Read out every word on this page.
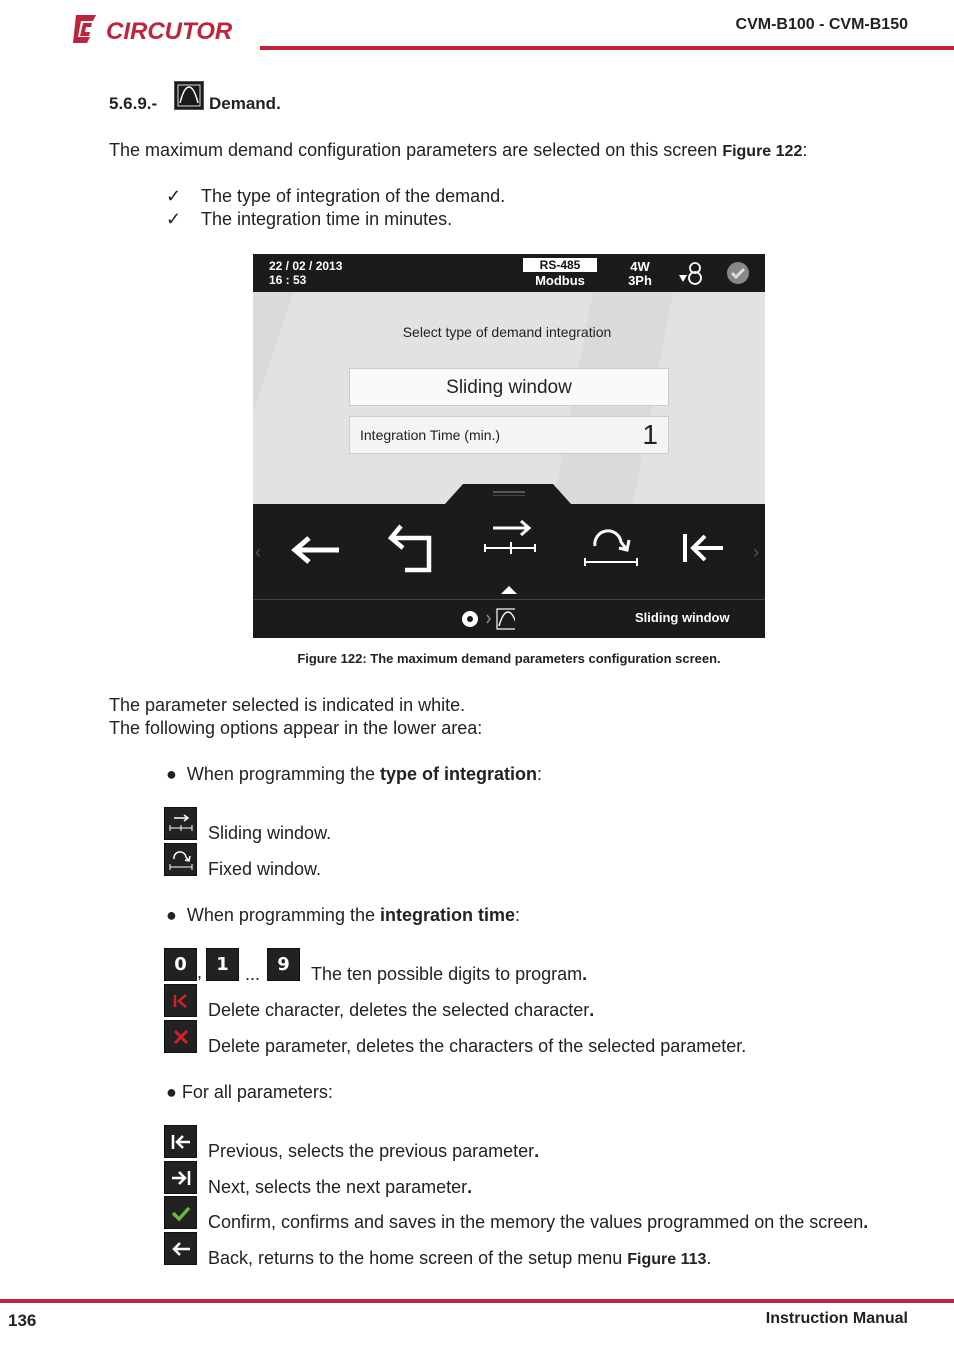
CIRCUTOR	CVM-B100 - CVM-B150
5.6.9.-	Demand.
The maximum demand configuration parameters are selected on this screen Figure 122:
✓ The type of integration of the demand.
✓ The integration time in minutes.
22 / 02 / 2013
16 : 53
RS-485
Modbus
4W
3Ph
Select type of demand integration
Sliding window
Integration Time (min.)	1
‹	›
Sliding window
Figure 122: The maximum demand parameters configuration screen.
The parameter selected is indicated in white.
The following options appear in the lower area:
● When programming the type of integration:
Sliding window.
Fixed window.
● When programming the integration time:
0 , 1 ... 9 The ten possible digits to program.
Delete character, deletes the selected character.
Delete parameter, deletes the characters of the selected parameter.
● For all parameters:
Previous, selects the previous parameter.
Next, selects the next parameter.
Confirm, confirms and saves in the memory the values programmed on the screen.
Back, returns to the home screen of the setup menu Figure 113.
136	Instruction Manual
